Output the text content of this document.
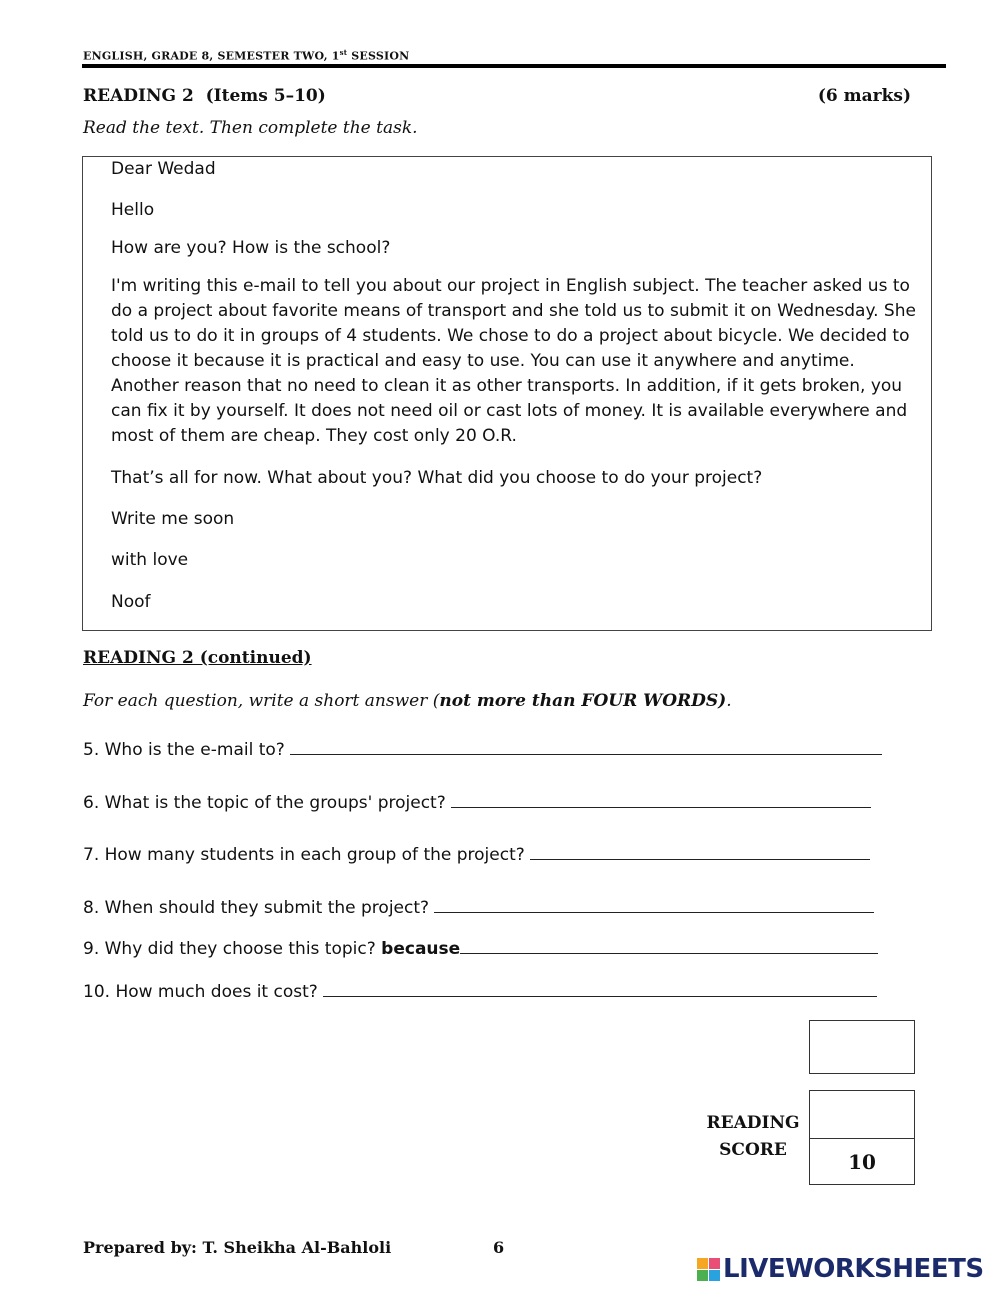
ENGLISH, GRADE 8, SEMESTER TWO, 1st SESSION
READING 2  (Items 5–10)	(6 marks)
Read the text. Then complete the task.

Dear Wedad

Hello

How are you? How is the school?

I'm writing this e-mail to tell you about our project in English subject. The teacher asked us to do a project about favorite means of transport and she told us to submit it on Wednesday. She told us to do it in groups of 4 students. We chose to do a project about bicycle. We decided to choose it because it is practical and easy to use. You can use it anywhere and anytime. Another reason that no need to clean it as other transports. In addition, if it gets broken, you can fix it by yourself. It does not need oil or cast lots of money. It is available everywhere and most of them are cheap. They cost only 20 O.R.

That’s all for now. What about you? What did you choose to do your project?

Write me soon

with love

Noof

READING 2 (continued)
For each question, write a short answer (not more than FOUR WORDS).
5. Who is the e-mail to?
6. What is the topic of the groups' project?
7. How many students in each group of the project?
8. When should they submit the project?
9. Why did they choose this topic? because
10. How much does it cost?
10
READING
SCORE
Prepared by: T. Sheikha Al-Bahloli	6
LIVEWORKSHEETS
